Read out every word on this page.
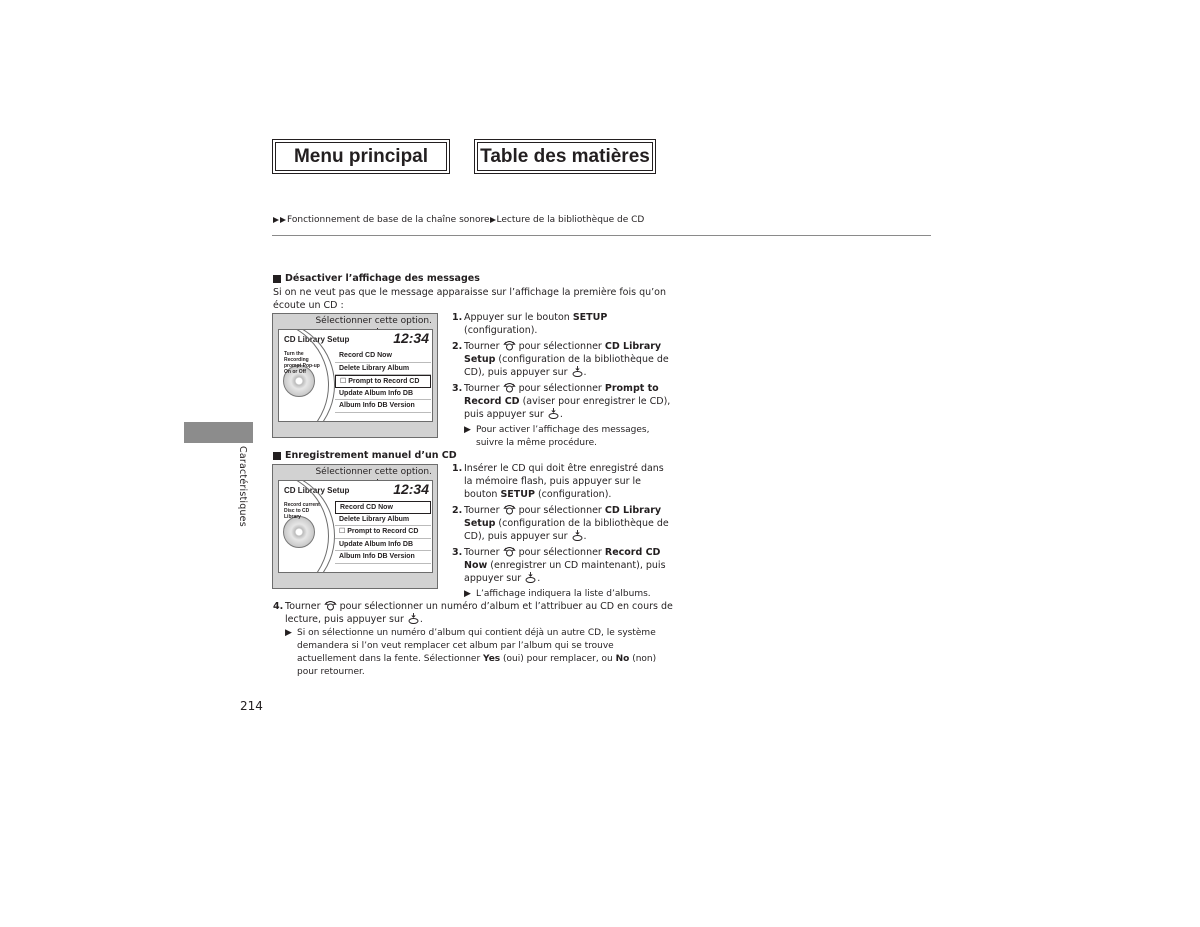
Menu principal	Table des matières
Fonctionnement de base de la chaîne sonore Lecture de la bibliothèque de CD
Caractéristiques
Désactiver l’affichage des messages
Si on ne veut pas que le message apparaisse sur l’affichage la première fois qu’on écoute un CD :
Sélectionner cette option.
CD Library Setup	12:34
Turn the Recording prompt Pop-up On or Off
Record CD Now
Delete Library Album
☐ Prompt to Record CD
Update Album Info DB
Album Info DB Version
1. Appuyer sur le bouton SETUP (configuration).
2. Tourner  pour sélectionner CD Library Setup (configuration de la bibliothèque de CD), puis appuyer sur .
3. Tourner  pour sélectionner Prompt to Record CD (aviser pour enregistrer le CD), puis appuyer sur .
▶ Pour activer l’affichage des messages, suivre la même procédure.
Enregistrement manuel d’un CD
Sélectionner cette option.
CD Library Setup	12:34
Record current Disc to CD Library
Record CD Now
Delete Library Album
☐ Prompt to Record CD
Update Album Info DB
Album Info DB Version
1. Insérer le CD qui doit être enregistré dans la mémoire flash, puis appuyer sur le bouton SETUP (configuration).
2. Tourner  pour sélectionner CD Library Setup (configuration de la bibliothèque de CD), puis appuyer sur .
3. Tourner  pour sélectionner Record CD Now (enregistrer un CD maintenant), puis appuyer sur .
▶ L’affichage indiquera la liste d’albums.
4. Tourner  pour sélectionner un numéro d’album et l’attribuer au CD en cours de lecture, puis appuyer sur .
▶ Si on sélectionne un numéro d’album qui contient déjà un autre CD, le système demandera si l’on veut remplacer cet album par l’album qui se trouve actuellement dans la fente. Sélectionner Yes (oui) pour remplacer, ou No (non) pour retourner.
214
